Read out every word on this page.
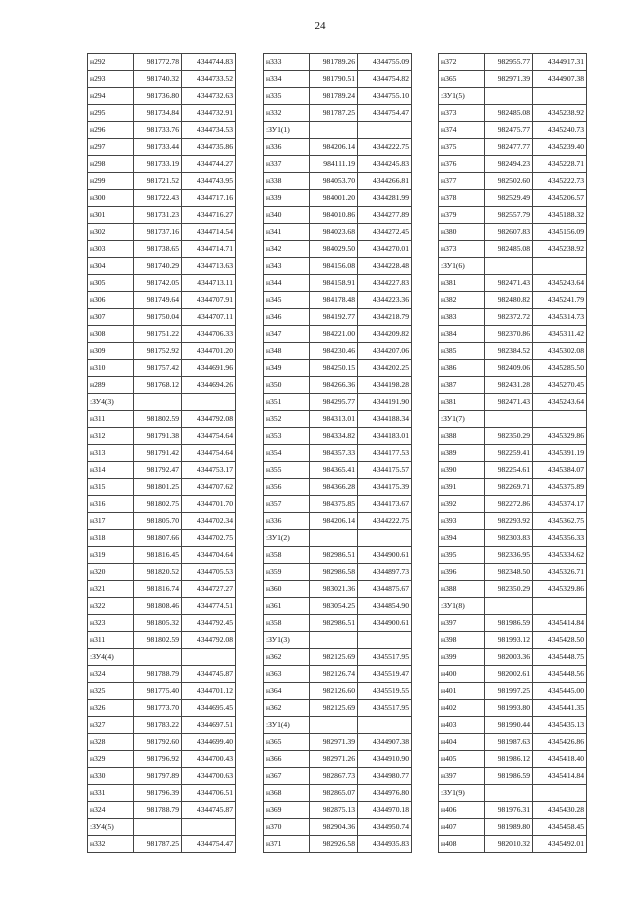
24
н292	981772.78	4344744.83
н293	981740.32	4344733.52
н294	981736.80	4344732.63
н295	981734.84	4344732.91
н296	981733.76	4344734.53
н297	981733.44	4344735.86
н298	981733.19	4344744.27
н299	981721.52	4344743.95
н300	981722.43	4344717.16
н301	981731.23	4344716.27
н302	981737.16	4344714.54
н303	981738.65	4344714.71
н304	981740.29	4344713.63
н305	981742.05	4344713.11
н306	981749.64	4344707.91
н307	981750.04	4344707.11
н308	981751.22	4344706.33
н309	981752.92	4344701.20
н310	981757.42	4344691.96
н289	981768.12	4344694.26
:ЗУ4(3)		
н311	981802.59	4344792.08
н312	981791.38	4344754.64
н313	981791.42	4344754.64
н314	981792.47	4344753.17
н315	981801.25	4344707.62
н316	981802.75	4344701.70
н317	981805.70	4344702.34
н318	981807.66	4344702.75
н319	981816.45	4344704.64
н320	981820.52	4344705.53
н321	981816.74	4344727.27
н322	981808.46	4344774.51
н323	981805.32	4344792.45
н311	981802.59	4344792.08
:ЗУ4(4)		
н324	981788.79	4344745.87
н325	981775.40	4344701.12
н326	981773.70	4344695.45
н327	981783.22	4344697.51
н328	981792.60	4344699.40
н329	981796.92	4344700.43
н330	981797.89	4344700.63
н331	981796.39	4344706.51
н324	981788.79	4344745.87
:ЗУ4(5)		
н332	981787.25	4344754.47
н333	981789.26	4344755.09
н334	981790.51	4344754.82
н335	981789.24	4344755.10
н332	981787.25	4344754.47
:ЗУ1(1)		
н336	984206.14	4344222.75
н337	984111.19	4344245.83
н338	984053.70	4344266.81
н339	984001.20	4344281.99
н340	984010.86	4344277.89
н341	984023.68	4344272.45
н342	984029.50	4344270.01
н343	984156.08	4344228.48
н344	984158.91	4344227.83
н345	984178.48	4344223.36
н346	984192.77	4344218.79
н347	984221.00	4344209.82
н348	984230.46	4344207.06
н349	984250.15	4344202.25
н350	984266.36	4344198.28
н351	984295.77	4344191.90
н352	984313.01	4344188.34
н353	984334.82	4344183.01
н354	984357.33	4344177.53
н355	984365.41	4344175.57
н356	984366.28	4344175.39
н357	984375.85	4344173.67
н336	984206.14	4344222.75
:ЗУ1(2)		
н358	982986.51	4344900.61
н359	982986.58	4344897.73
н360	983021.36	4344875.67
н361	983054.25	4344854.90
н358	982986.51	4344900.61
:ЗУ1(3)		
н362	982125.69	4345517.95
н363	982126.74	4345519.47
н364	982126.60	4345519.55
н362	982125.69	4345517.95
:ЗУ1(4)		
н365	982971.39	4344907.38
н366	982971.26	4344910.90
н367	982867.73	4344980.77
н368	982865.07	4344976.80
н369	982875.13	4344970.18
н370	982904.36	4344950.74
н371	982926.58	4344935.83
н372	982955.77	4344917.31
н365	982971.39	4344907.38
:ЗУ1(5)		
н373	982485.08	4345238.92
н374	982475.77	4345240.73
н375	982477.77	4345239.40
н376	982494.23	4345228.71
н377	982502.60	4345222.73
н378	982529.49	4345206.57
н379	982557.79	4345188.32
н380	982607.83	4345156.09
н373	982485.08	4345238.92
:ЗУ1(6)		
н381	982471.43	4345243.64
н382	982480.82	4345241.79
н383	982372.72	4345314.73
н384	982370.86	4345311.42
н385	982384.52	4345302.08
н386	982409.06	4345285.50
н387	982431.28	4345270.45
н381	982471.43	4345243.64
:ЗУ1(7)		
н388	982350.29	4345329.86
н389	982259.41	4345391.19
н390	982254.61	4345384.07
н391	982269.71	4345375.89
н392	982272.86	4345374.17
н393	982293.92	4345362.75
н394	982303.83	4345356.33
н395	982336.95	4345334.62
н396	982348.50	4345326.71
н388	982350.29	4345329.86
:ЗУ1(8)		
н397	981986.59	4345414.84
н398	981993.12	4345428.50
н399	982003.36	4345448.75
н400	982002.61	4345448.56
н401	981997.25	4345445.00
н402	981993.80	4345441.35
н403	981990.44	4345435.13
н404	981987.63	4345426.86
н405	981986.12	4345418.40
н397	981986.59	4345414.84
:ЗУ1(9)		
н406	981976.31	4345430.28
н407	981989.80	4345458.45
н408	982010.32	4345492.01
